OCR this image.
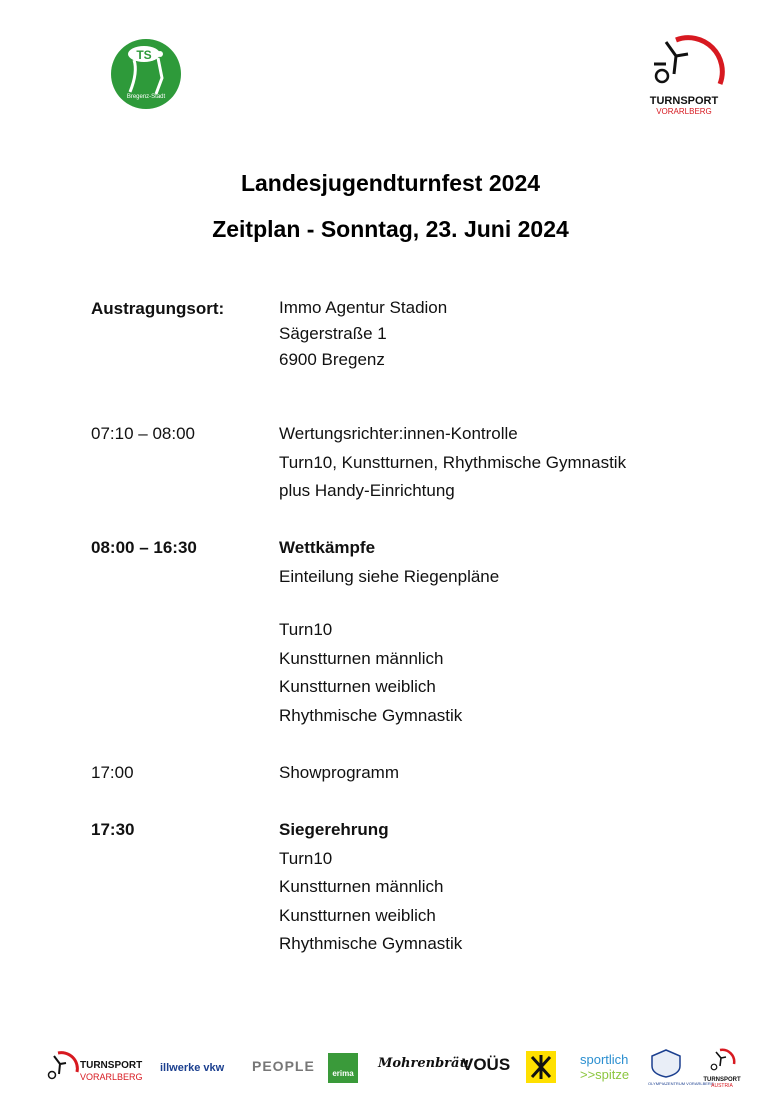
TS
Bregenz-Stadt	TURNSPORT
VORARLBERG
Landesjugendturnfest 2024
Zeitplan - Sonntag, 23. Juni 2024
Austragungsort:	Immo Agentur Stadion
Sägerstraße 1
6900 Bregenz
07:10 – 08:00	Wertungsrichter:innen-Kontrolle
Turn10, Kunstturnen, Rhythmische Gymnastik
plus Handy-Einrichtung
08:00 – 16:30	Wettkämpfe
Einteilung siehe Riegenpläne
Turn10
Kunstturnen männlich
Kunstturnen weiblich
Rhythmische Gymnastik
17:00	Showprogramm
17:30	Siegerehrung
Turn10
Kunstturnen männlich
Kunstturnen weiblich
Rhythmische Gymnastik
TURNSPORT
VORARLBERG
illwerke vkw PEOPLE	erima
Mohrenbräu
VOÜS	sportlich
>>spitze
OLYMPIAZENTRUM VORARLBERG
TURNSPORT
AUSTRIA
